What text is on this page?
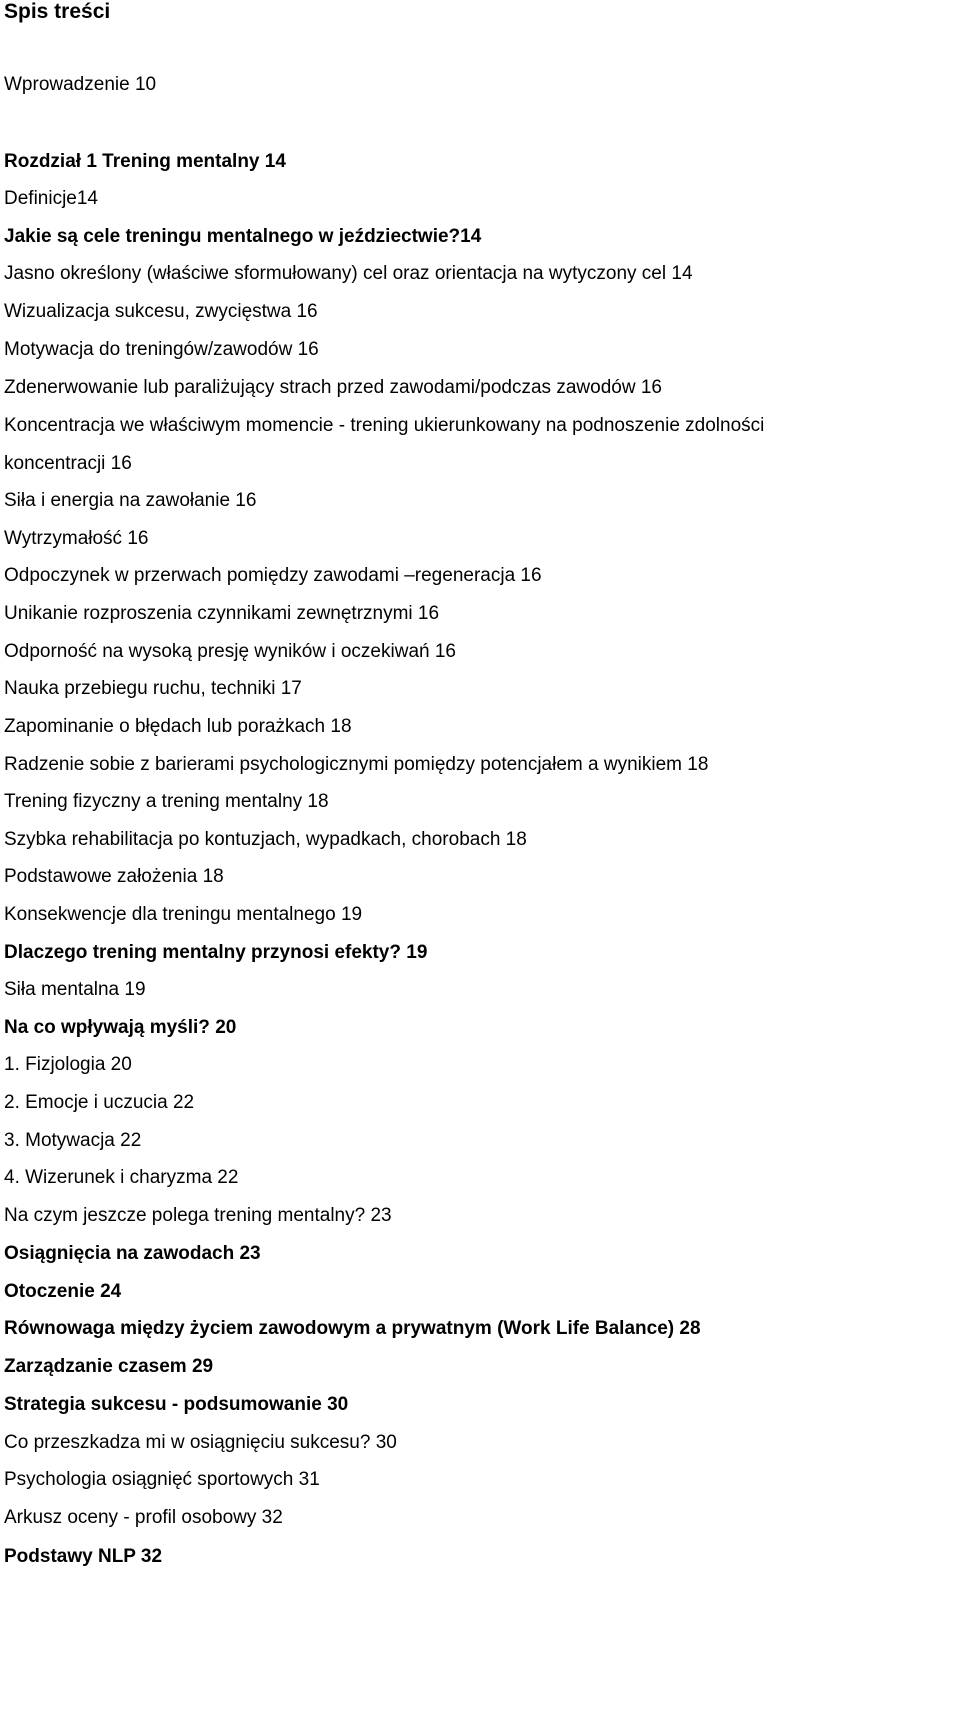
Spis treści
Wprowadzenie 10
Rozdział 1 Trening mentalny 14
Definicje14
Jakie są cele treningu mentalnego w jeździectwie?14
Jasno określony (właściwe sformułowany) cel oraz orientacja na wytyczony cel 14
Wizualizacja sukcesu, zwycięstwa 16
Motywacja do treningów/zawodów 16
Zdenerwowanie lub paraliżujący strach przed zawodami/podczas zawodów 16
Koncentracja we właściwym momencie - trening ukierunkowany na podnoszenie zdolności
koncentracji 16
Siła i energia na zawołanie 16
Wytrzymałość 16
Odpoczynek w przerwach pomiędzy zawodami –regeneracja 16
Unikanie rozproszenia czynnikami zewnętrznymi 16
Odporność na wysoką presję wyników i oczekiwań 16
Nauka przebiegu ruchu, techniki 17
Zapominanie o błędach lub porażkach 18
Radzenie sobie z barierami psychologicznymi pomiędzy potencjałem a wynikiem 18
Trening fizyczny a trening mentalny 18
Szybka rehabilitacja po kontuzjach, wypadkach, chorobach 18
Podstawowe założenia 18
Konsekwencje dla treningu mentalnego 19
Dlaczego trening mentalny przynosi efekty? 19
Siła mentalna 19
Na co wpływają myśli? 20
1. Fizjologia 20
2. Emocje i uczucia 22
3. Motywacja 22
4. Wizerunek i charyzma 22
Na czym jeszcze polega trening mentalny? 23
Osiągnięcia na zawodach 23
Otoczenie 24
Równowaga między życiem zawodowym a prywatnym (Work Life Balance) 28
Zarządzanie czasem 29
Strategia sukcesu - podsumowanie 30
Co przeszkadza mi w osiągnięciu sukcesu? 30
Psychologia osiągnięć sportowych 31
Arkusz oceny - profil osobowy 32
Podstawy NLP 32
